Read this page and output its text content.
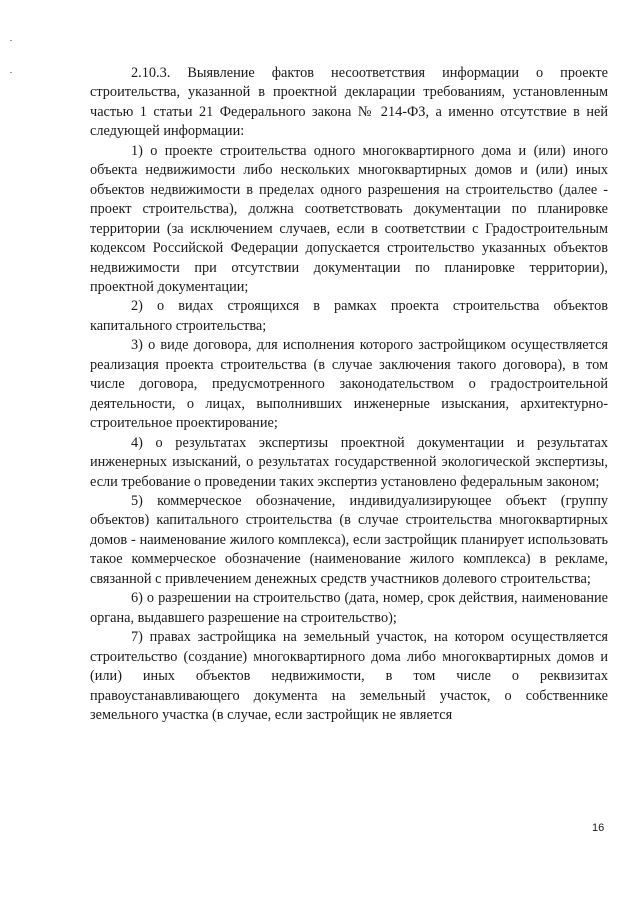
2.10.3. Выявление фактов несоответствия информации о проекте строительства, указанной в проектной декларации требованиям, установленным частью 1 статьи 21 Федерального закона № 214-ФЗ, а именно отсутствие в ней следующей информации:

1) о проекте строительства одного многоквартирного дома и (или) иного объекта недвижимости либо нескольких многоквартирных домов и (или) иных объектов недвижимости в пределах одного разрешения на строительство (далее - проект строительства), должна соответствовать документации по планировке территории (за исключением случаев, если в соответствии с Градостроительным кодексом Российской Федерации допускается строительство указанных объектов недвижимости при отсутствии документации по планировке территории), проектной документации;

2) о видах строящихся в рамках проекта строительства объектов капитального строительства;

3) о виде договора, для исполнения которого застройщиком осуществляется реализация проекта строительства (в случае заключения такого договора), в том числе договора, предусмотренного законодательством о градостроительной деятельности, о лицах, выполнивших инженерные изыскания, архитектурно-строительное проектирование;

4) о результатах экспертизы проектной документации и результатах инженерных изысканий, о результатах государственной экологической экспертизы, если требование о проведении таких экспертиз установлено федеральным законом;

5) коммерческое обозначение, индивидуализирующее объект (группу объектов) капитального строительства (в случае строительства многоквартирных домов - наименование жилого комплекса), если застройщик планирует использовать такое коммерческое обозначение (наименование жилого комплекса) в рекламе, связанной с привлечением денежных средств участников долевого строительства;

6) о разрешении на строительство (дата, номер, срок действия, наименование органа, выдавшего разрешение на строительство);

7) правах застройщика на земельный участок, на котором осуществляется строительство (создание) многоквартирного дома либо многоквартирных домов и (или) иных объектов недвижимости, в том числе о реквизитах правоустанавливающего документа на земельный участок, о собственнике земельного участка (в случае, если застройщик не является

16
